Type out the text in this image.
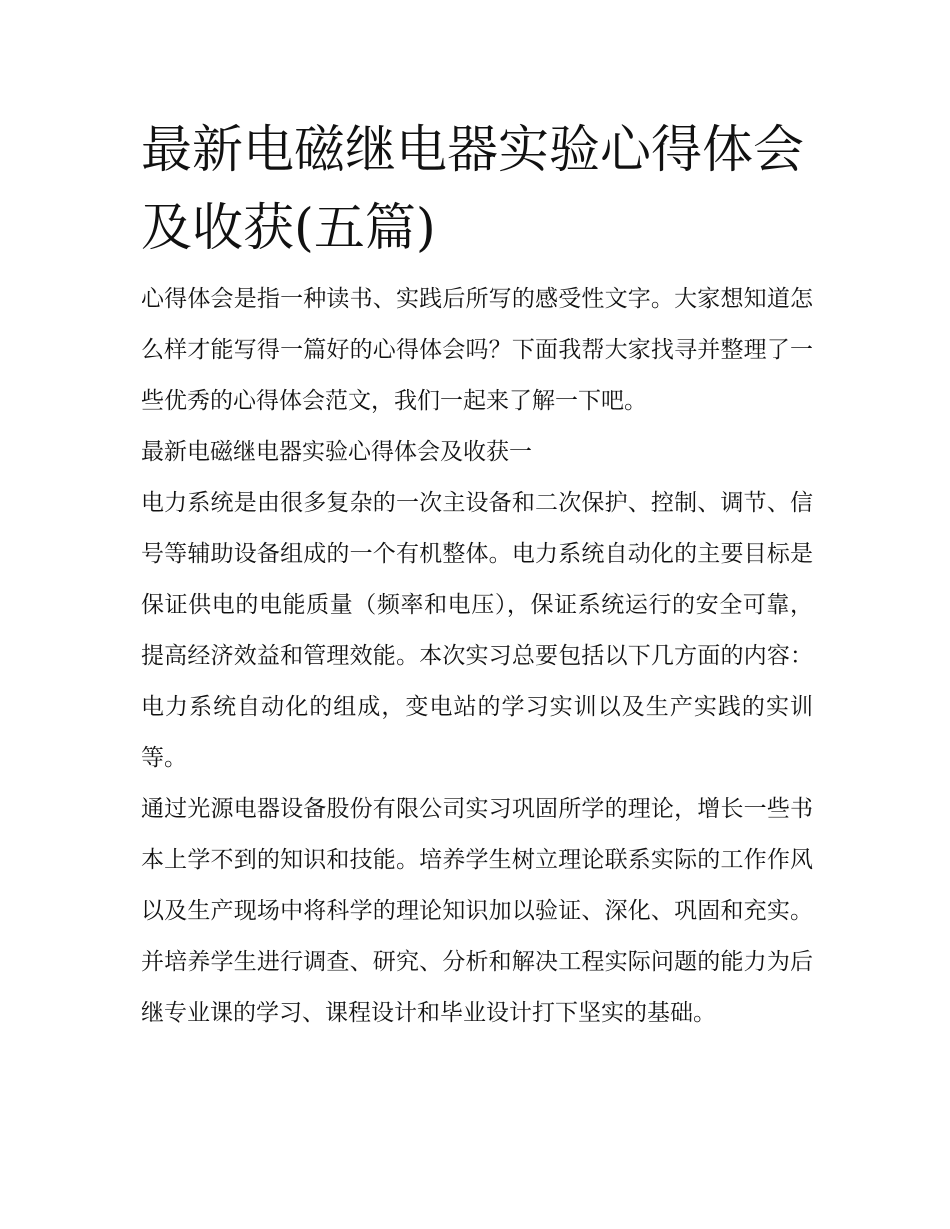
最新电磁继电器实验心得体会及收获(五篇)

心得体会是指一种读书、实践后所写的感受性文字。大家想知道怎么样才能写得一篇好的心得体会吗？下面我帮大家找寻并整理了一些优秀的心得体会范文，我们一起来了解一下吧。

最新电磁继电器实验心得体会及收获一

电力系统是由很多复杂的一次主设备和二次保护、控制、调节、信号等辅助设备组成的一个有机整体。电力系统自动化的主要目标是保证供电的电能质量（频率和电压），保证系统运行的安全可靠，提高经济效益和管理效能。本次实习总要包括以下几方面的内容：电力系统自动化的组成，变电站的学习实训以及生产实践的实训等。

通过光源电器设备股份有限公司实习巩固所学的理论，增长一些书本上学不到的知识和技能。培养学生树立理论联系实际的工作作风以及生产现场中将科学的理论知识加以验证、深化、巩固和充实。并培养学生进行调查、研究、分析和解决工程实际问题的能力为后继专业课的学习、课程设计和毕业设计打下坚实的基础。
